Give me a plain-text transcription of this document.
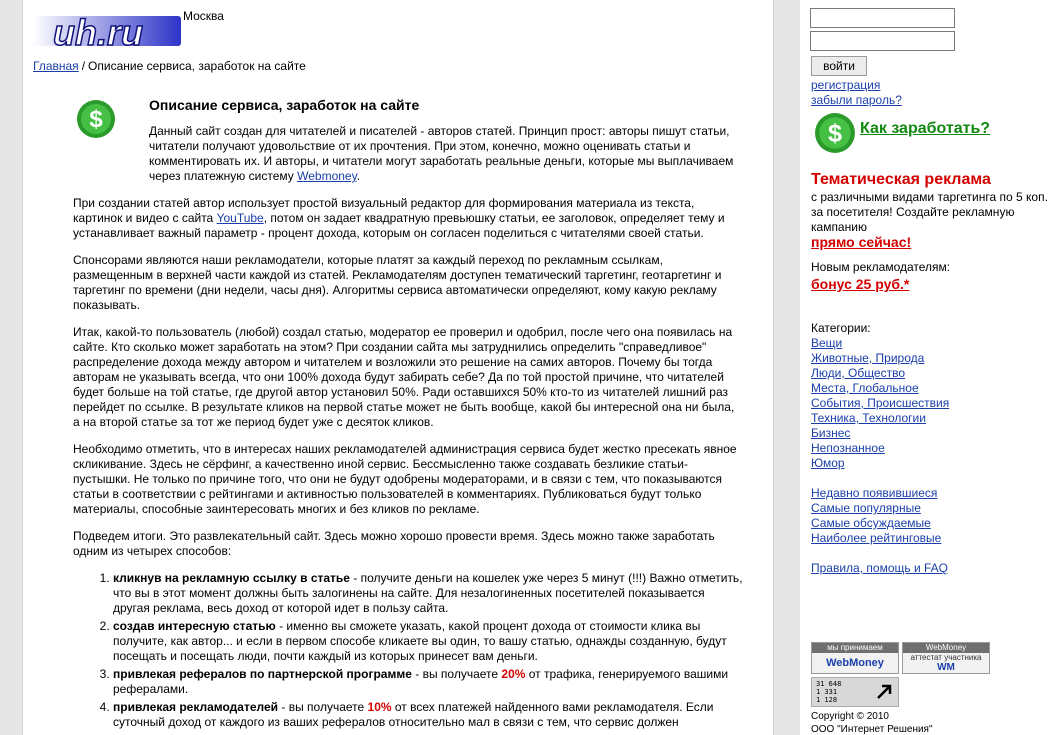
uh.ru	Москва
Главная / Описание сервиса, заработок на сайте
$
Описание сервиса, заработок на сайте
Данный сайт создан для читателей и писателей - авторов статей. Принцип прост: авторы пишут статьи, читатели получают удовольствие от их прочтения. При этом, конечно, можно оценивать статьи и комментировать их. И авторы, и читатели могут заработать реальные деньги, которые мы выплачиваем через платежную систему Webmoney.

При создании статей автор использует простой визуальный редактор для формирования материала из текста, картинок и видео с сайта YouTube, потом он задает квадратную превьюшку статьи, ее заголовок, определяет тему и устанавливает важный параметр - процент дохода, которым он согласен поделиться с читателями своей статьи.

Спонсорами являются наши рекламодатели, которые платят за каждый переход по рекламным ссылкам, размещенным в верхней части каждой из статей. Рекламодателям доступен тематический таргетинг, геотаргетинг и таргетинг по времени (дни недели, часы дня). Алгоритмы сервиса автоматически определяют, кому какую рекламу показывать.

Итак, какой-то пользователь (любой) создал статью, модератор ее проверил и одобрил, после чего она появилась на сайте. Кто сколько может заработать на этом? При создании сайта мы затруднились определить "справедливое" распределение дохода между автором и читателем и возложили это решение на самих авторов. Почему бы тогда авторам не указывать всегда, что они 100% дохода будут забирать себе? Да по той простой причине, что читателей будет больше на той статье, где другой автор установил 50%. Ради оставшихся 50% кто-то из читателей лишний раз перейдет по ссылке. В результате кликов на первой статье может не быть вообще, какой бы интересной она ни была, а на второй статье за тот же период будет уже с десяток кликов.

Необходимо отметить, что в интересах наших рекламодателей администрация сервиса будет жестко пресекать явное скликивание. Здесь не сёрфинг, а качественно иной сервис. Бессмысленно также создавать безликие статьи-пустышки. Не только по причине того, что они не будут одобрены модераторами, и в связи с тем, что показываются статьи в соответствии с рейтингами и активностью пользователей в комментариях. Публиковаться будут только материалы, способные заинтересовать многих и без кликов по рекламе.

Подведем итоги. Это развлекательный сайт. Здесь можно хорошо провести время. Здесь можно также заработать одним из четырех способов:

1. кликнув на рекламную ссылку в статье - получите деньги на кошелек уже через 5 минут (!!!) Важно отметить, что вы в этот момент должны быть залогинены на сайте. Для незалогиненных посетителей показывается другая реклама, весь доход от которой идет в пользу сайта.
2. создав интересную статью - именно вы сможете указать, какой процент дохода от стоимости клика вы получите, как автор... и если в первом способе кликаете вы один, то вашу статью, однажды созданную, будут посещать и посещать люди, почти каждый из которых принесет вам деньги.
3. привлекая рефералов по партнерской программе - вы получаете 20% от трафика, генерируемого вашими рефералами.
4. привлекая рекламодателей - вы получаете 10% от всех платежей найденного вами рекламодателя. Если суточный доход от каждого из ваших рефералов относительно мал в связи с тем, что сервис должен
войти
регистрация
забыли пароль?
$ Как заработать?
Тематическая реклама
с различными видами таргетинга по 5 коп. за посетителя! Создайте рекламную кампанию
прямо сейчас!
Новым рекламодателям:
бонус 25 руб.*
Категории:
Вещи
Животные, Природа
Люди, Общество
Места, Глобальное
События, Происшествия
Техника, Технологии
Бизнес
Непознанное
Юмор
Недавно появившиеся
Самые популярные
Самые обсуждаемые
Наиболее рейтинговые
Правила, помощь и FAQ
мы принимаем
WebMoney
WebMoney
аттестат участника
WM
31 648
1 331
1 128
Copyright © 2010
ООО "Интернет Решения"
